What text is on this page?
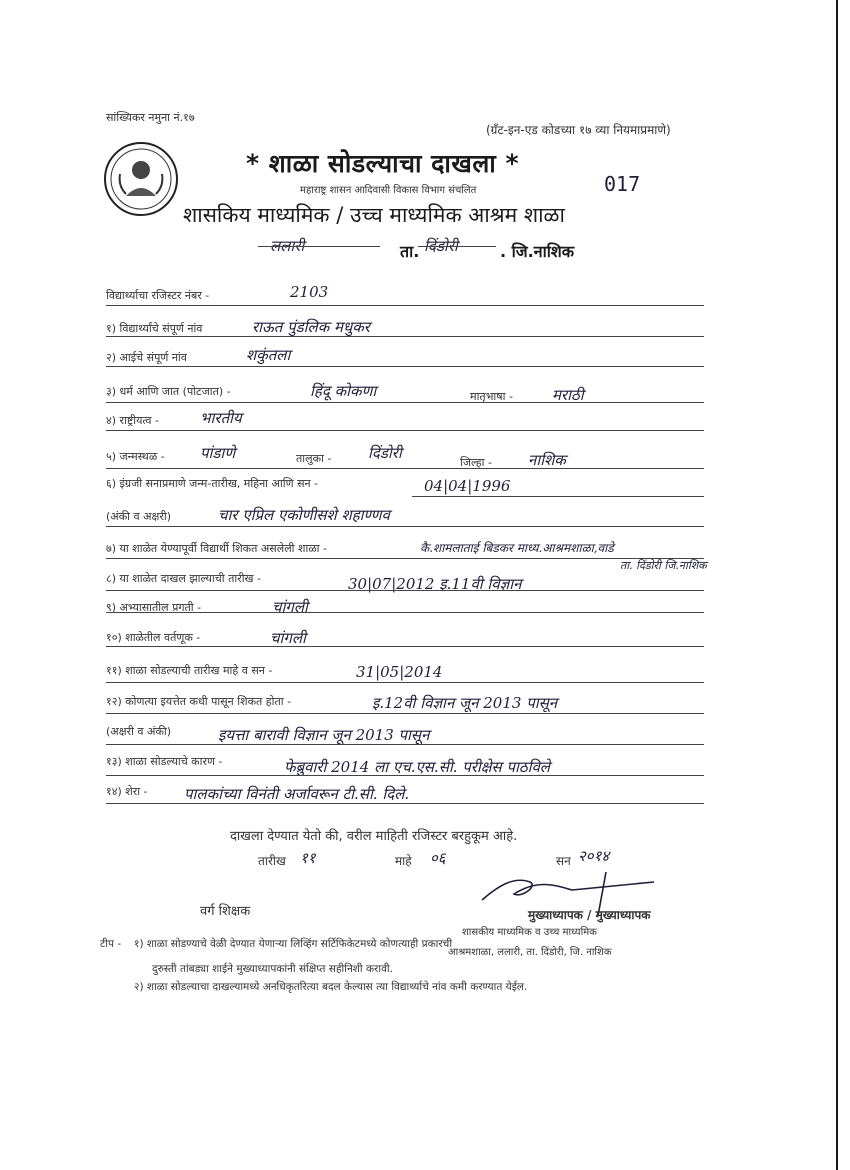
सांख्यिकर नमुना नं.१७
(ग्रँट-इन-एड कोडच्या १७ व्या नियमाप्रमाणे)
* शाळा सोडल्याचा दाखला *
महाराष्ट्र शासन आदिवासी विकास विभाग संचलित	017
शासकिय माध्यमिक / उच्च माध्यमिक आश्रम शाळा
ललारी	ता. दिंडोरी	. जि.नाशिक
विद्यार्थ्याचा रजिस्टर नंबर -	2103
१) विद्यार्थ्यांचे संपूर्ण नांव	राऊत पुंडलिक मधुकर
२) आईचे संपूर्ण नांव	शकुंतला
३) धर्म आणि जात (पोटजात) -	हिंदू कोकणा	मातृभाषा -	मराठी
४) राष्ट्रीयत्व -	भारतीय
५) जन्मस्थळ - पांडाणे	तालुका - दिंडोरी
जिल्हा - नाशिक
६) इंग्रजी सनाप्रमाणे जन्म-तारीख, महिना आणि सन -	04|04|1996
(अंकी व अक्षरी)	चार एप्रिल एकोणीसशे शहाण्णव
७) या शाळेत येण्यापूर्वी विद्यार्थी शिकत असलेली शाळा -	कै.शामलाताई बिडकर माध्य.आश्रमशाळा,वाडे
ता. दिंडोरी जि.नाशिक
८) या शाळेत दाखल झाल्याची तारीख -	30|07|2012 इ.11वी विज्ञान
९) अभ्यासातील प्रगती -	चांगली
१०) शाळेतील वर्तणूक -	चांगली
११) शाळा सोडल्याची तारीख माहे व सन -	31|05|2014
१२) कोणत्या इयत्तेत कधी पासून शिकत होता -	इ.12वी विज्ञान जून 2013 पासून
(अक्षरी व अंकी)	इयत्ता बारावी विज्ञान जून 2013 पासून
१३) शाळा सोडल्याचे कारण -	फेब्रुवारी 2014 ला एच.एस.सी. परीक्षेस पाठविले
१४) शेरा - पालकांच्या विनंती अर्जावरून टी.सी. दिले.
दाखला देण्यात येतो की, वरील माहिती रजिस्टर बरहुकूम आहे.
तारीख ११	माहे ०६	सन २०१४
वर्ग शिक्षक	मुख्याध्यापक / मुख्याध्यापक
शासकीय माध्यमिक व उच्च माध्यमिक
आश्रमशाळा, ललारी, ता. दिंडोरी, जि. नाशिक
टीप - १) शाळा सोडण्याचे वेळी देण्यात येणाऱ्या लिव्हिंग सर्टिफिकेटमध्ये कोणत्याही प्रकारची
दुरुस्ती तांबड्या शाईने मुख्याध्यापकांनी संक्षिप्त सहीनिशी करावी.
२) शाळा सोडल्याचा दाखल्यामध्ये अनधिकृतरित्या बदल केल्यास त्या विद्यार्थ्याचे नांव कमी करण्यात येईल.
